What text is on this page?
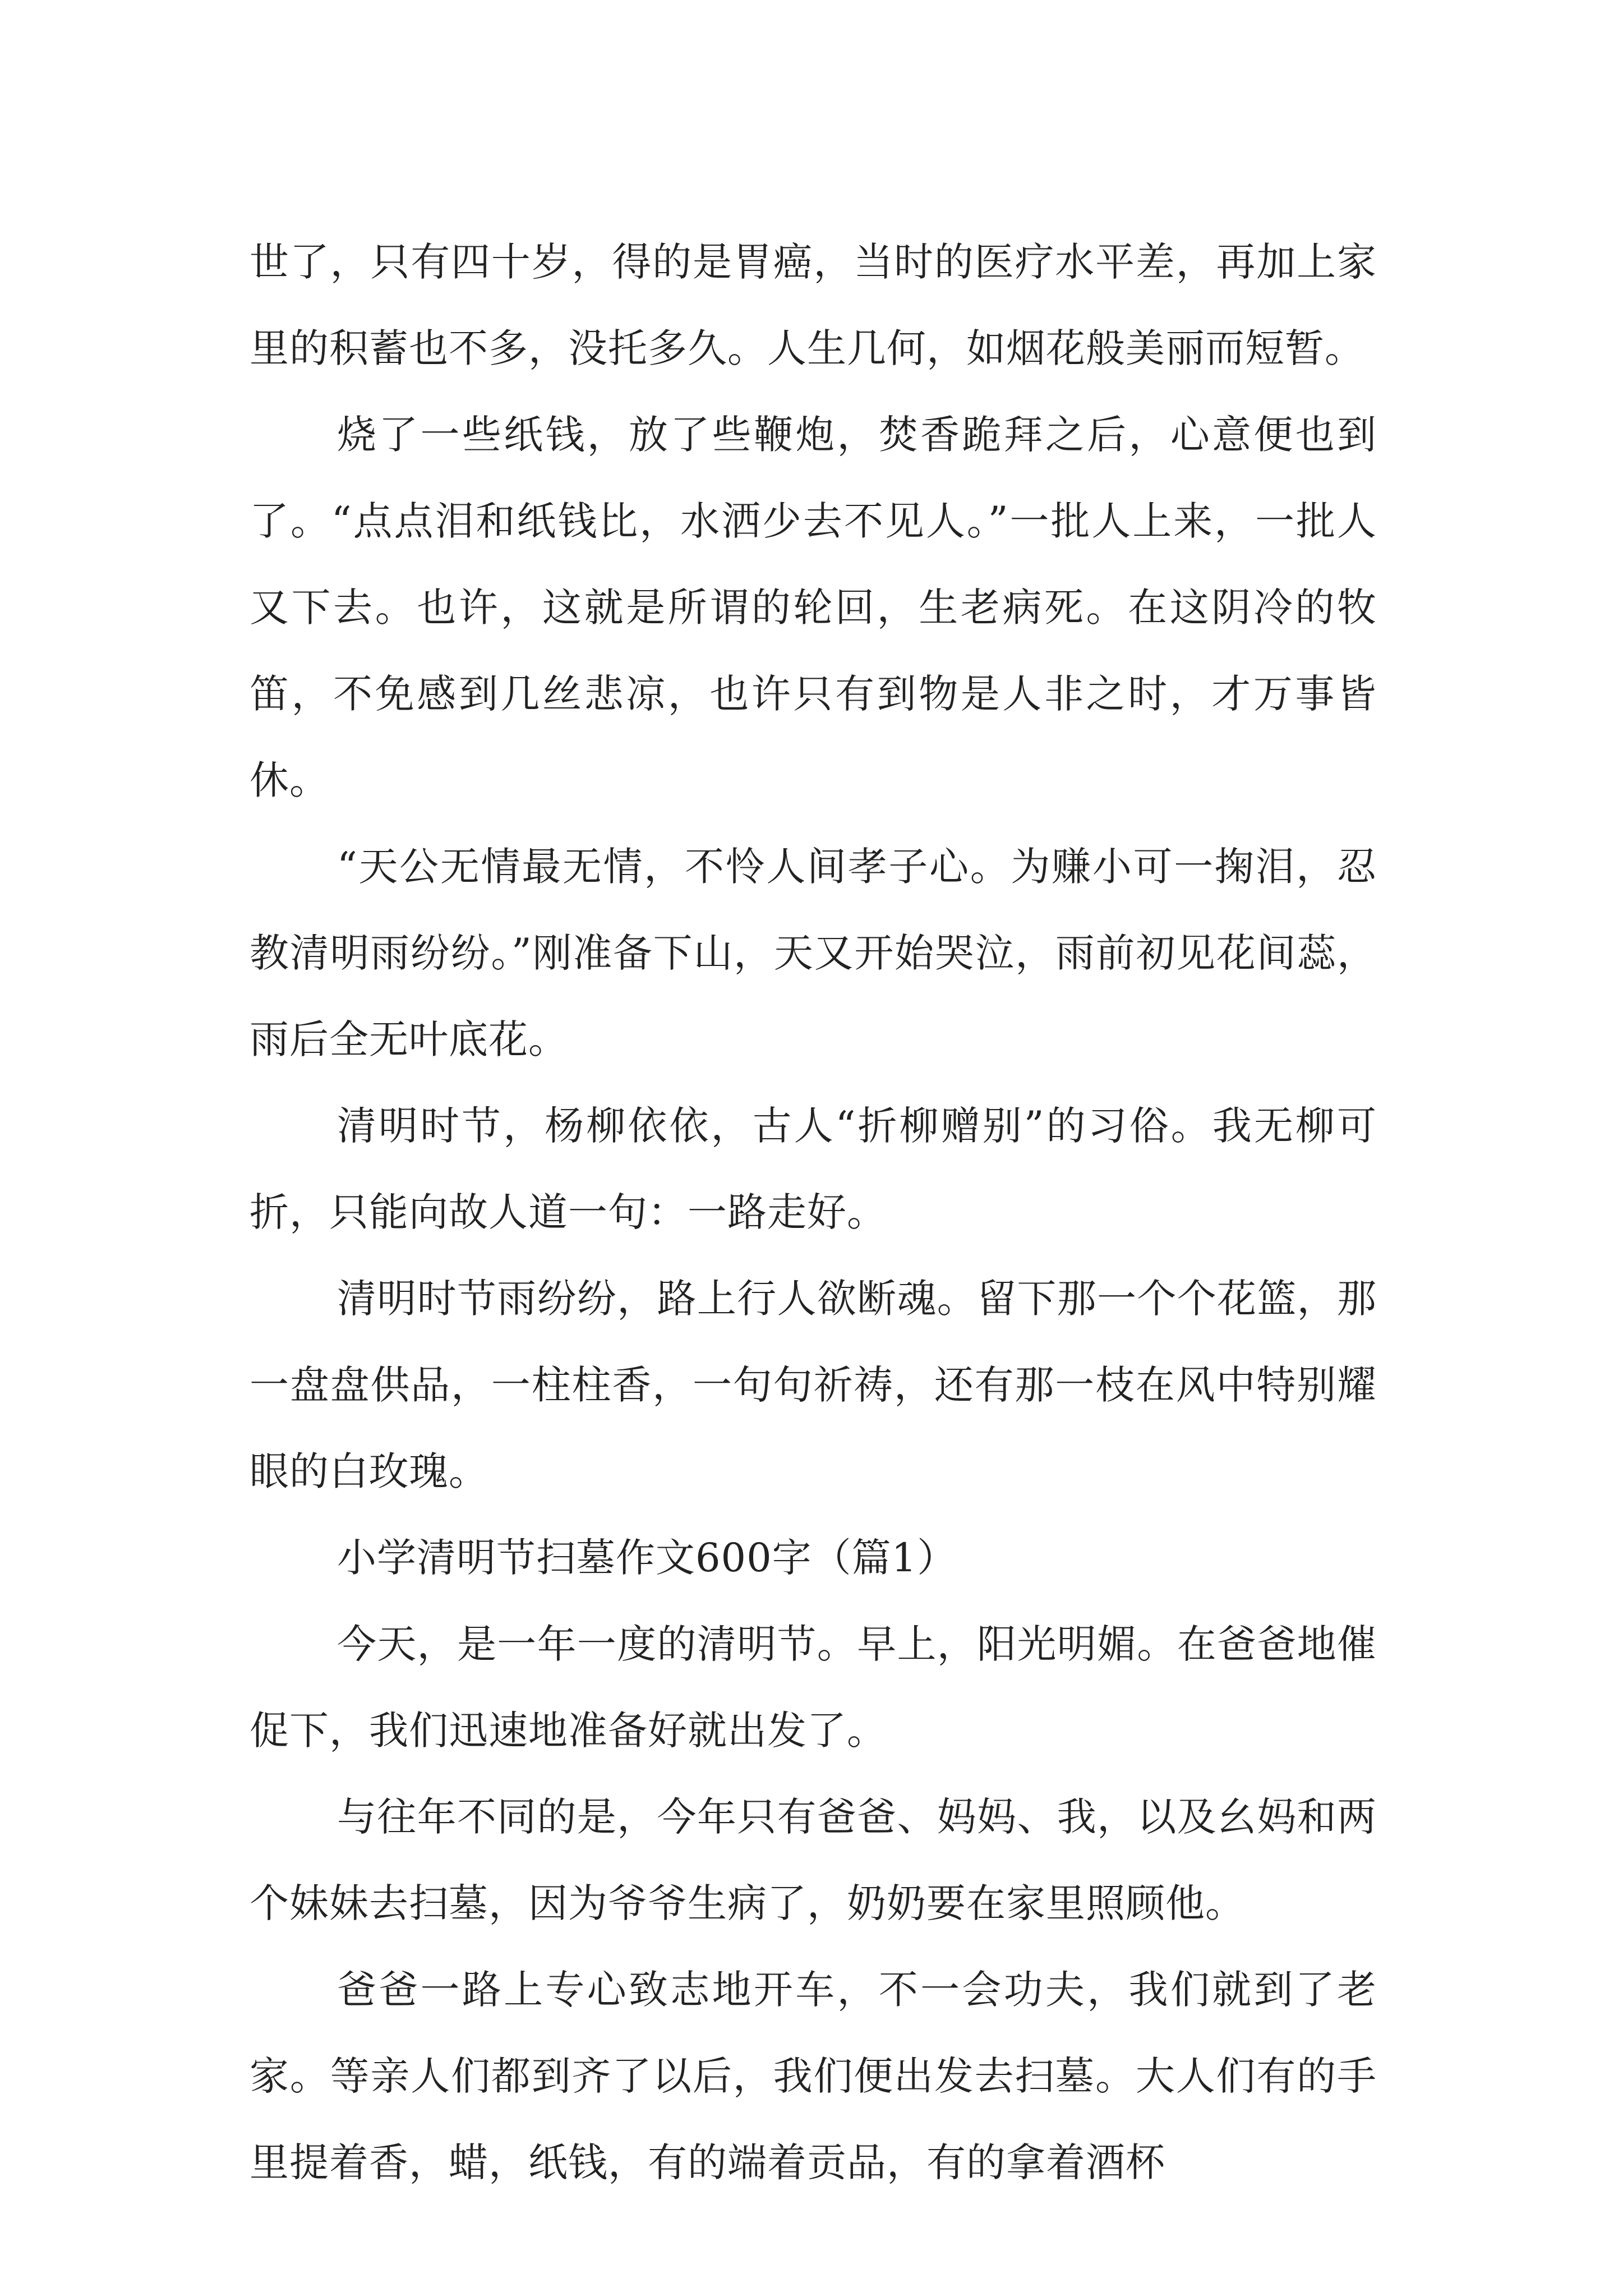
世了，只有四十岁，得的是胃癌，当时的医疗水平差，再加上家里的积蓄也不多，没托多久。人生几何，如烟花般美丽而短暂。

烧了一些纸钱，放了些鞭炮，焚香跪拜之后，心意便也到了。“点点泪和纸钱比，水洒少去不见人。”一批人上来，一批人又下去。也许，这就是所谓的轮回，生老病死。在这阴冷的牧笛，不免感到几丝悲凉，也许只有到物是人非之时，才万事皆休。

“天公无情最无情，不怜人间孝子心。为赚小可一掬泪，忍教清明雨纷纷。”刚准备下山，天又开始哭泣，雨前初见花间蕊，雨后全无叶底花。

清明时节，杨柳依依，古人“折柳赠别”的习俗。我无柳可折，只能向故人道一句：一路走好。

清明时节雨纷纷，路上行人欲断魂。留下那一个个花篮，那一盘盘供品，一柱柱香，一句句祈祷，还有那一枝在风中特别耀眼的白玫瑰。

小学清明节扫墓作文600字（篇1）

今天，是一年一度的清明节。早上，阳光明媚。在爸爸地催促下，我们迅速地准备好就出发了。

与往年不同的是，今年只有爸爸、妈妈、我，以及幺妈和两个妹妹去扫墓，因为爷爷生病了，奶奶要在家里照顾他。

爸爸一路上专心致志地开车，不一会功夫，我们就到了老家。等亲人们都到齐了以后，我们便出发去扫墓。大人们有的手里提着香，蜡，纸钱，有的端着贡品，有的拿着酒杯
